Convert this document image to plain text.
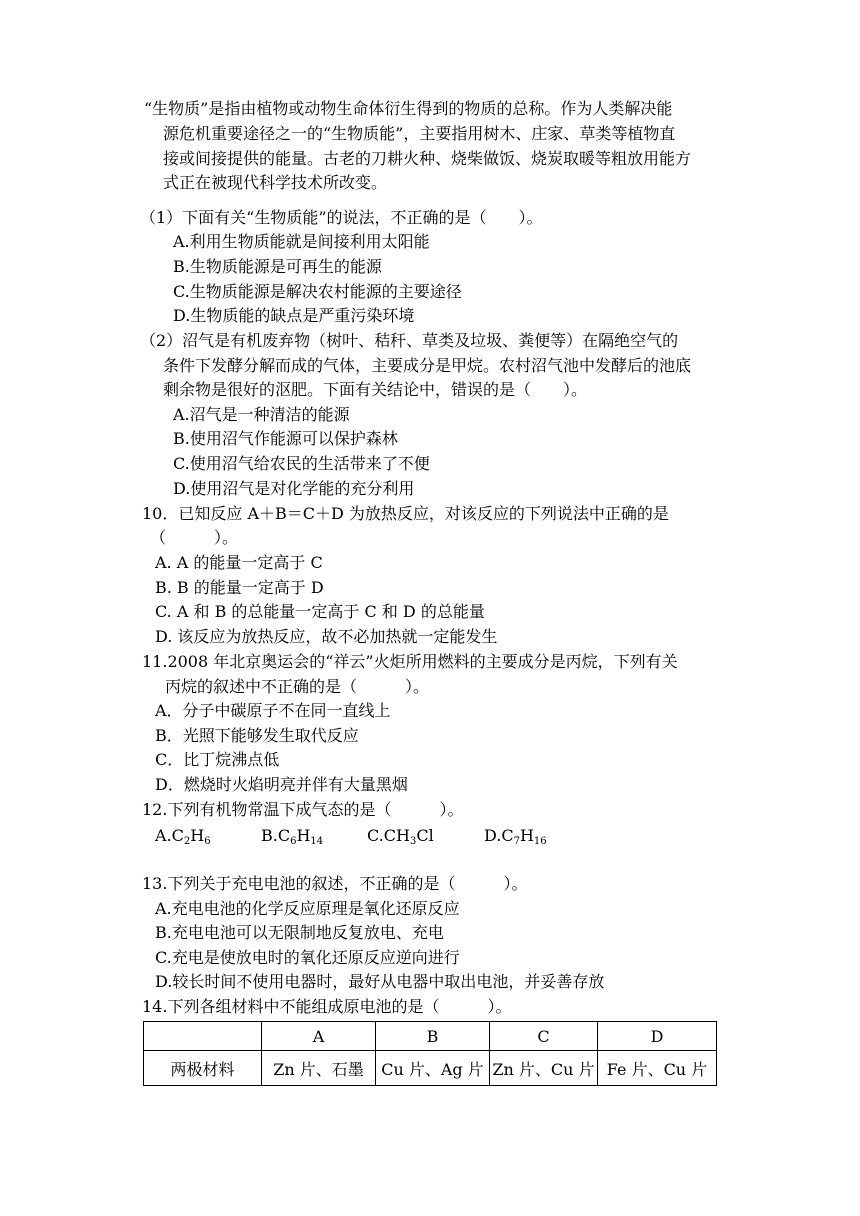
“生物质”是指由植物或动物生命体衍生得到的物质的总称。作为人类解决能
源危机重要途径之一的“生物质能”，主要指用树木、庄家、草类等植物直
接或间接提供的能量。古老的刀耕火种、烧柴做饭、烧炭取暖等粗放用能方
式正在被现代科学技术所改变。
（1）下面有关“生物质能”的说法，不正确的是（　　）。
A.利用生物质能就是间接利用太阳能
B.生物质能源是可再生的能源
C.生物质能源是解决农村能源的主要途径
D.生物质能的缺点是严重污染环境
（2）沼气是有机废弃物（树叶、秸秆、草类及垃圾、粪便等）在隔绝空气的
条件下发酵分解而成的气体，主要成分是甲烷。农村沼气池中发酵后的池底
剩余物是很好的沤肥。下面有关结论中，错误的是（　　）。
A.沼气是一种清洁的能源
B.使用沼气作能源可以保护森林
C.使用沼气给农民的生活带来了不便
D.使用沼气是对化学能的充分利用
10．已知反应 A＋B＝C＋D 为放热反应，对该反应的下列说法中正确的是
（　　　）。
A. A 的能量一定高于 C
B. B 的能量一定高于 D
C. A 和 B 的总能量一定高于 C 和 D 的总能量
D. 该反应为放热反应，故不必加热就一定能发生
11.2008 年北京奥运会的“祥云”火炬所用燃料的主要成分是丙烷，下列有关
丙烷的叙述中不正确的是（　　　）。
A．分子中碳原子不在同一直线上
B．光照下能够发生取代反应
C．比丁烷沸点低
D．燃烧时火焰明亮并伴有大量黑烟
12.下列有机物常温下成气态的是（　　　）。
$A.C_2H_6$	$B.C_6H_{14}$	$C.CH_3Cl$	$D.C_7H_{16}$
13.下列关于充电电池的叙述，不正确的是（　　　）。
A.充电电池的化学反应原理是氧化还原反应
B.充电电池可以无限制地反复放电、充电
C.充电是使放电时的氧化还原反应逆向进行
D.较长时间不使用电器时，最好从电器中取出电池，并妥善存放
14.下列各组材料中不能组成原电池的是（　　　）。
	A	B	C	D
两极材料	Zn 片、石墨	Cu 片、Ag 片	Zn 片、Cu 片	Fe 片、Cu 片
